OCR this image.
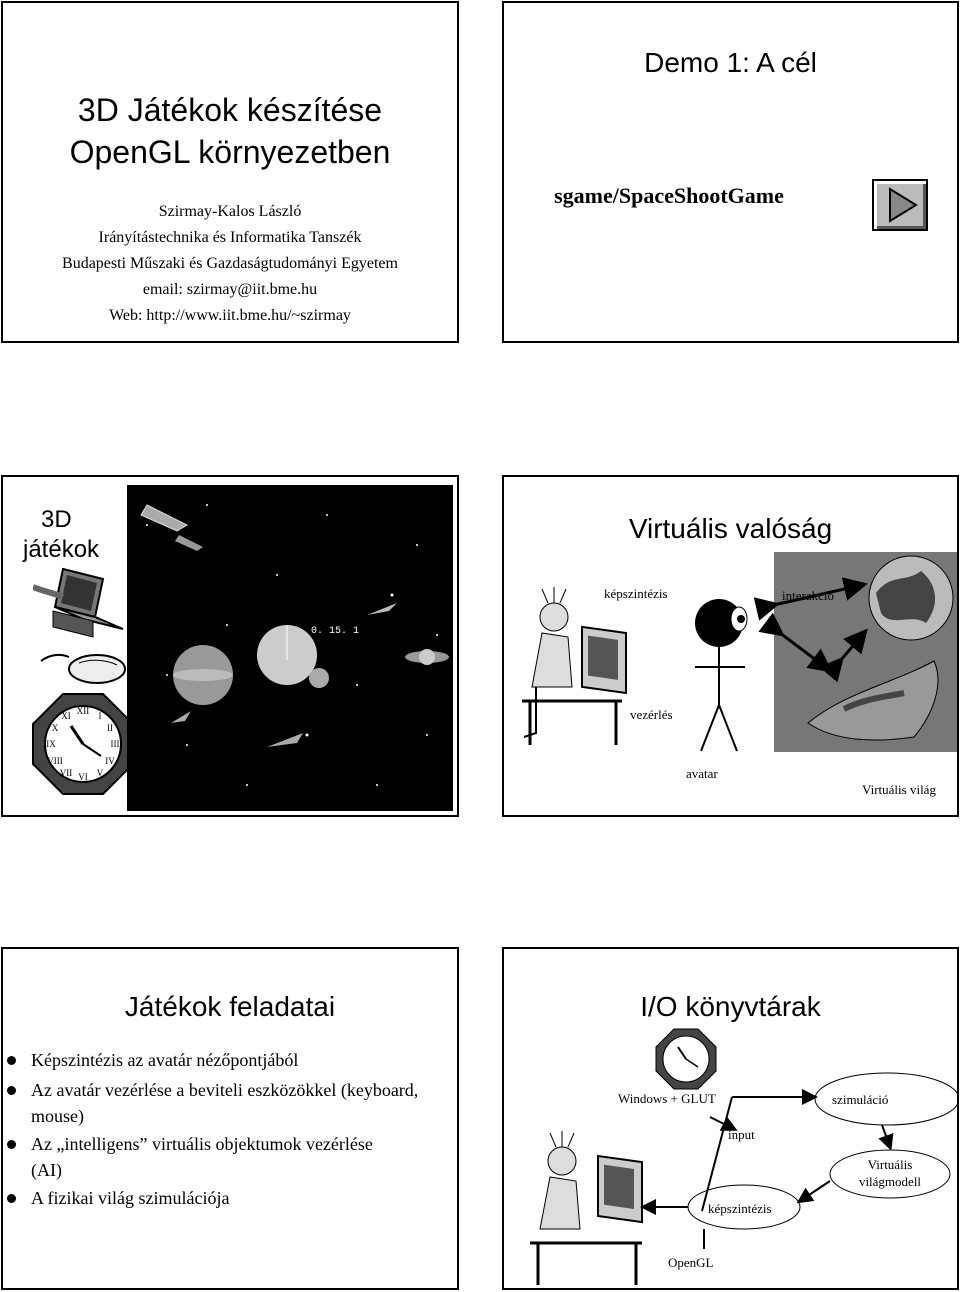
3D Játékok készítése
OpenGL környezetben
Szirmay-Kalos László
Irányítástechnika és Informatika Tanszék
Budapesti Műszaki és Gazdaságtudományi Egyetem
email: szirmay@iit.bme.hu
Web: http://www.iit.bme.hu/~szirmay
Demo 1: A cél
sgame/SpaceShootGame
3D
játékok
XII
III
VI
IX
I
II
IV
V
VII
VIII
X
XI
0. 15. 1
Virtuális valóság
képszintézis	interakció
vezérlés
avatar
Virtuális világ
Játékok feladatai
Képszintézis az avatár nézőpontjából
Az avatár vezérlése a beviteli eszközökkel (keyboard, mouse)
Az „intelligens” virtuális objektumok vezérlése (AI)
A fizikai világ szimulációja
I/O könyvtárak
Windows + GLUT	szimuláció
input
Virtuális
világmodell
képszintézis
OpenGL
